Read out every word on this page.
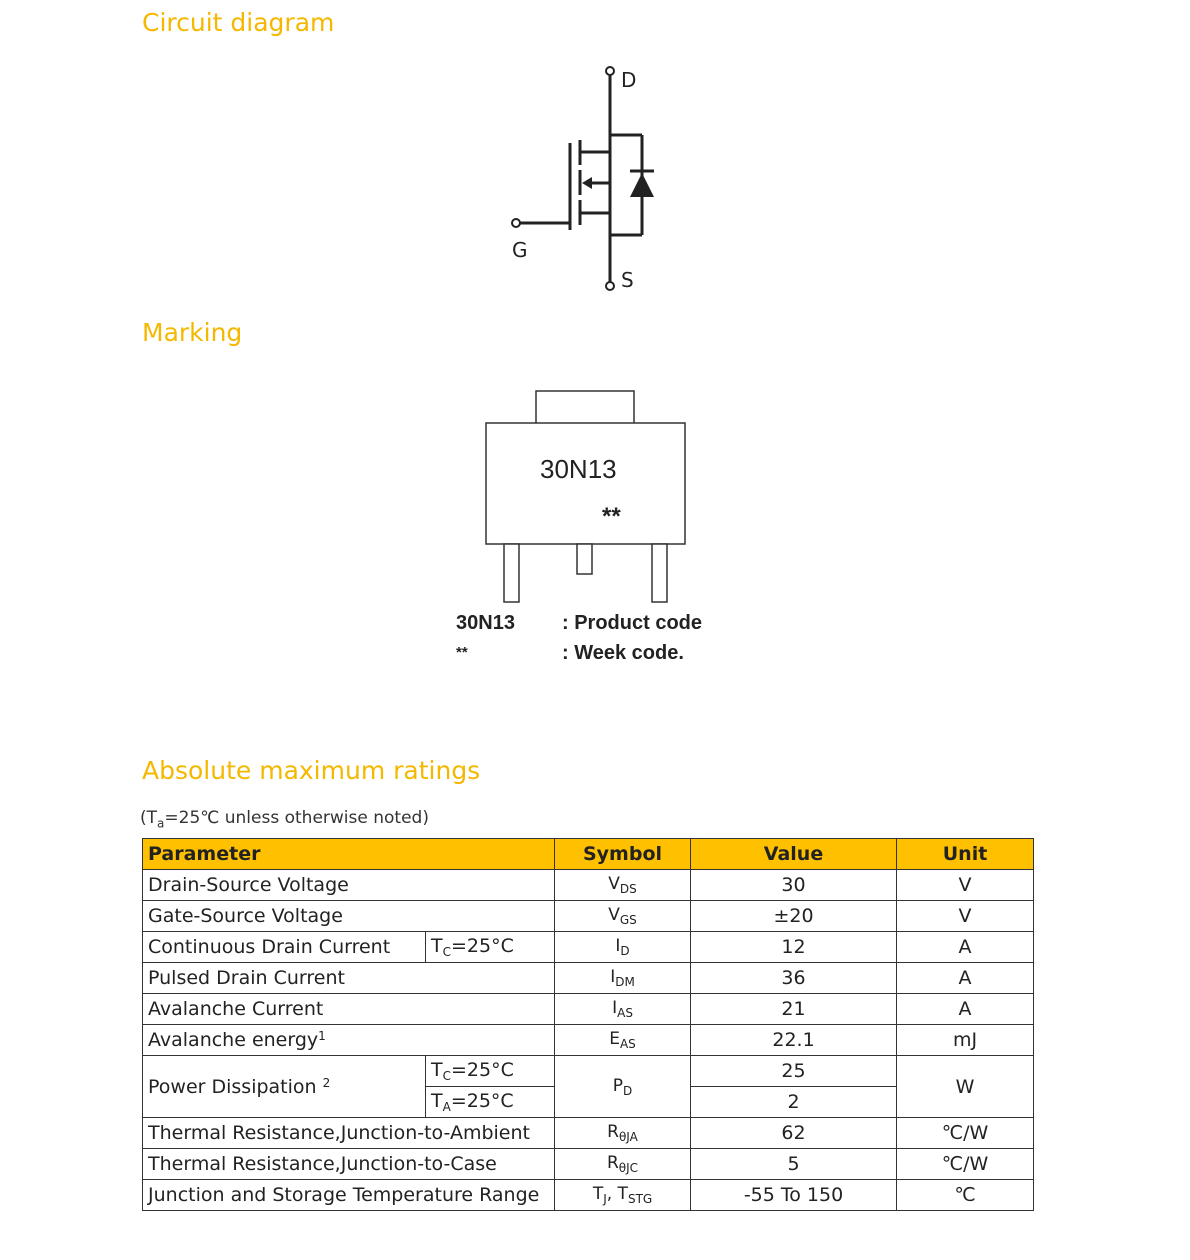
Circuit diagram
D
G
S
Marking
30N13
**
30N13
**
: Product code
: Week code.
Absolute maximum ratings
($T_a=25℃$ unless otherwise noted)
Parameter		Symbol	Value	Unit
Drain-Source Voltage		$V_{DS}$	30	V
Gate-Source Voltage		$V_{GS}$	±20	V
Continuous Drain Current	$T_C=25^\circ C$	$I_D$	12	A
Pulsed Drain Current		$I_{DM}$	36	A
Avalanche Current		$I_{AS}$	21	A
Avalanche energy$^1$		$E_{AS}$	22.1	mJ
Power Dissipation $^2$	$T_C=25^\circ C$	$P_D$	25	W
	$T_A=25^\circ C$		2	
Thermal Resistance,Junction-to-Ambient		$R_{\theta JA}$	62	℃/W
Thermal Resistance,Junction-to-Case		$R_{\theta JC}$	5	℃/W
Junction and Storage Temperature Range		$T_J$, $T_{STG}$	-55 To 150	℃
